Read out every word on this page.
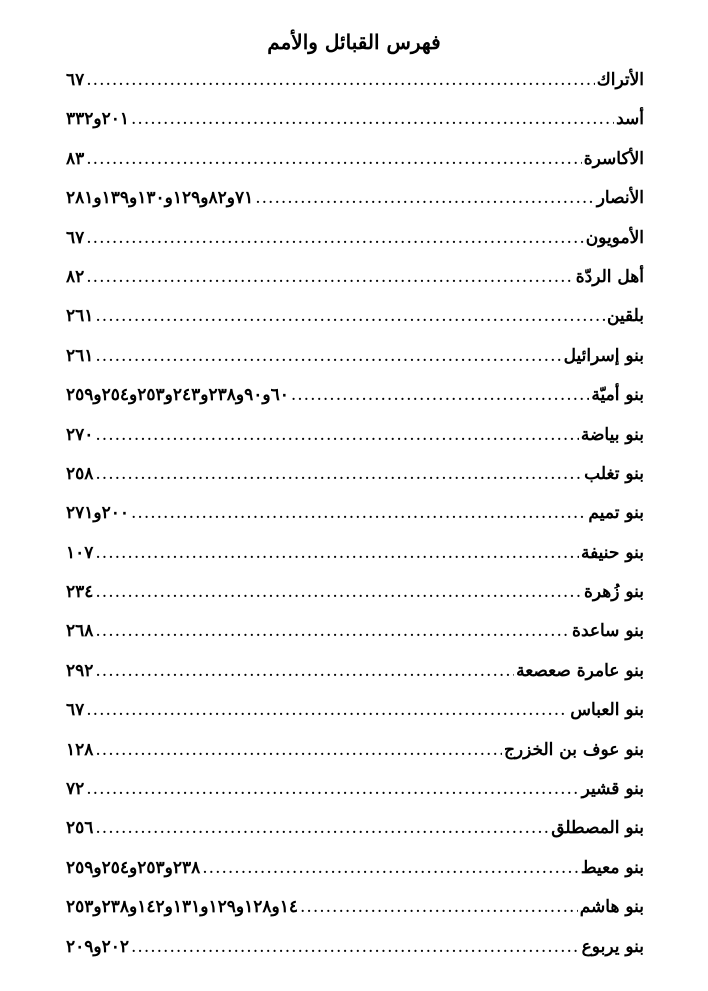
فهرس القبائل والأمم
الأتراك
.....
٦٧
أسد
.....
٢٠١و٣٣٢
الأكاسرة
.....
٨٣
الأنصار
.....
٧١و٨٢و١٢٩و١٣٠و١٣٩و٢٨١
الأمويون
.....
٦٧
أهل الردّة
.....
٨٢
بلقين
.....
٢٦١
بنو إسرائيل
.....
٢٦١
بنو أميّة
.....
٦٠و٩٠و٢٣٨و٢٤٣و٢٥٣و٢٥٤و٢٥٩
بنو بياضة
.....
٢٧٠
بنو تغلب
.....
٢٥٨
بنو تميم
.....
٢٠٠و٢٧١
بنو حنيفة
.....
١٠٧
بنو زُهرة
.....
٢٣٤
بنو ساعدة
.....
٢٦٨
بنو عامرة صعصعة
.....
٢٩٢
بنو العباس
.....
٦٧
بنو عوف بن الخزرج
.....
١٢٨
بنو قشير
.....
٧٢
بنو المصطلق
.....
٢٥٦
بنو معيط
.....
٢٣٨و٢٥٣و٢٥٤و٢٥٩
بنو هاشم
.....
١٤و١٢٨و١٢٩و١٣١و١٤٢و٢٣٨و٢٥٣
بنو يربوع
.....
٢٠٢و٢٠٩
